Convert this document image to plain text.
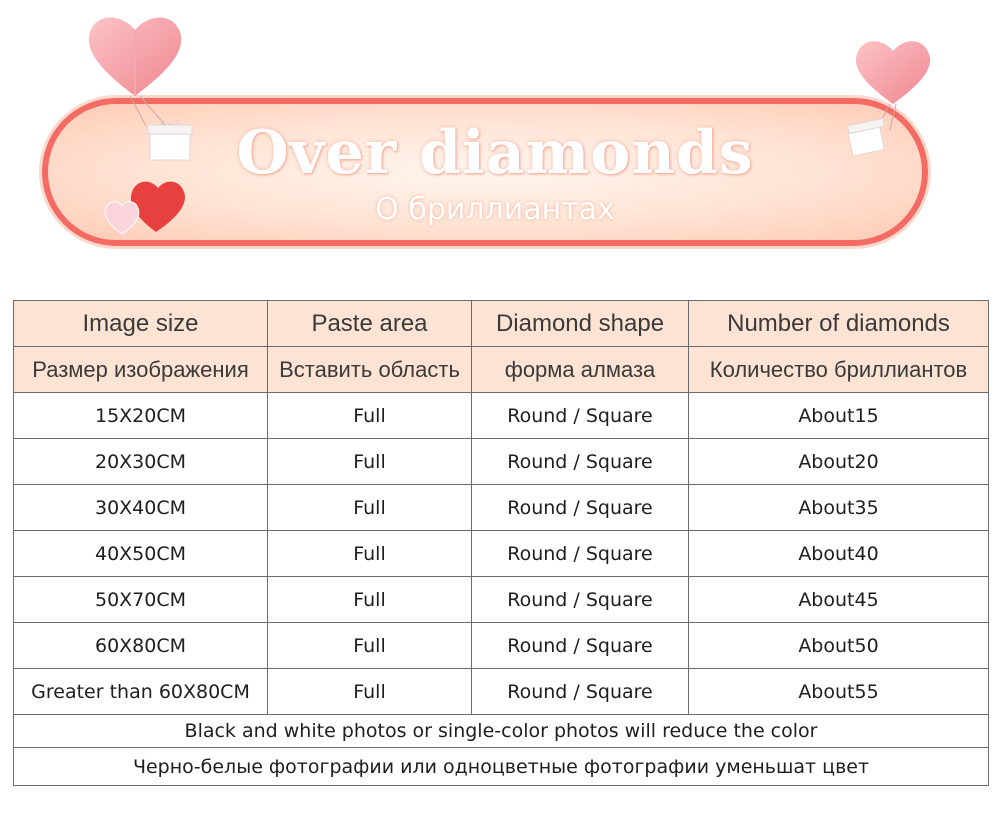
Over diamonds
О бриллиантах
Image size	Paste area	Diamond shape	Number of diamonds
Размер изображения	Вставить область	форма алмаза	Количество бриллиантов
15X20CM	Full	Round / Square	About15
20X30CM	Full	Round / Square	About20
30X40CM	Full	Round / Square	About35
40X50CM	Full	Round / Square	About40
50X70CM	Full	Round / Square	About45
60X80CM	Full	Round / Square	About50
Greater than 60X80CM	Full	Round / Square	About55
Black and white photos or single-color photos will reduce the color			
Черно-белые фотографии или одноцветные фотографии уменьшат цвет			
